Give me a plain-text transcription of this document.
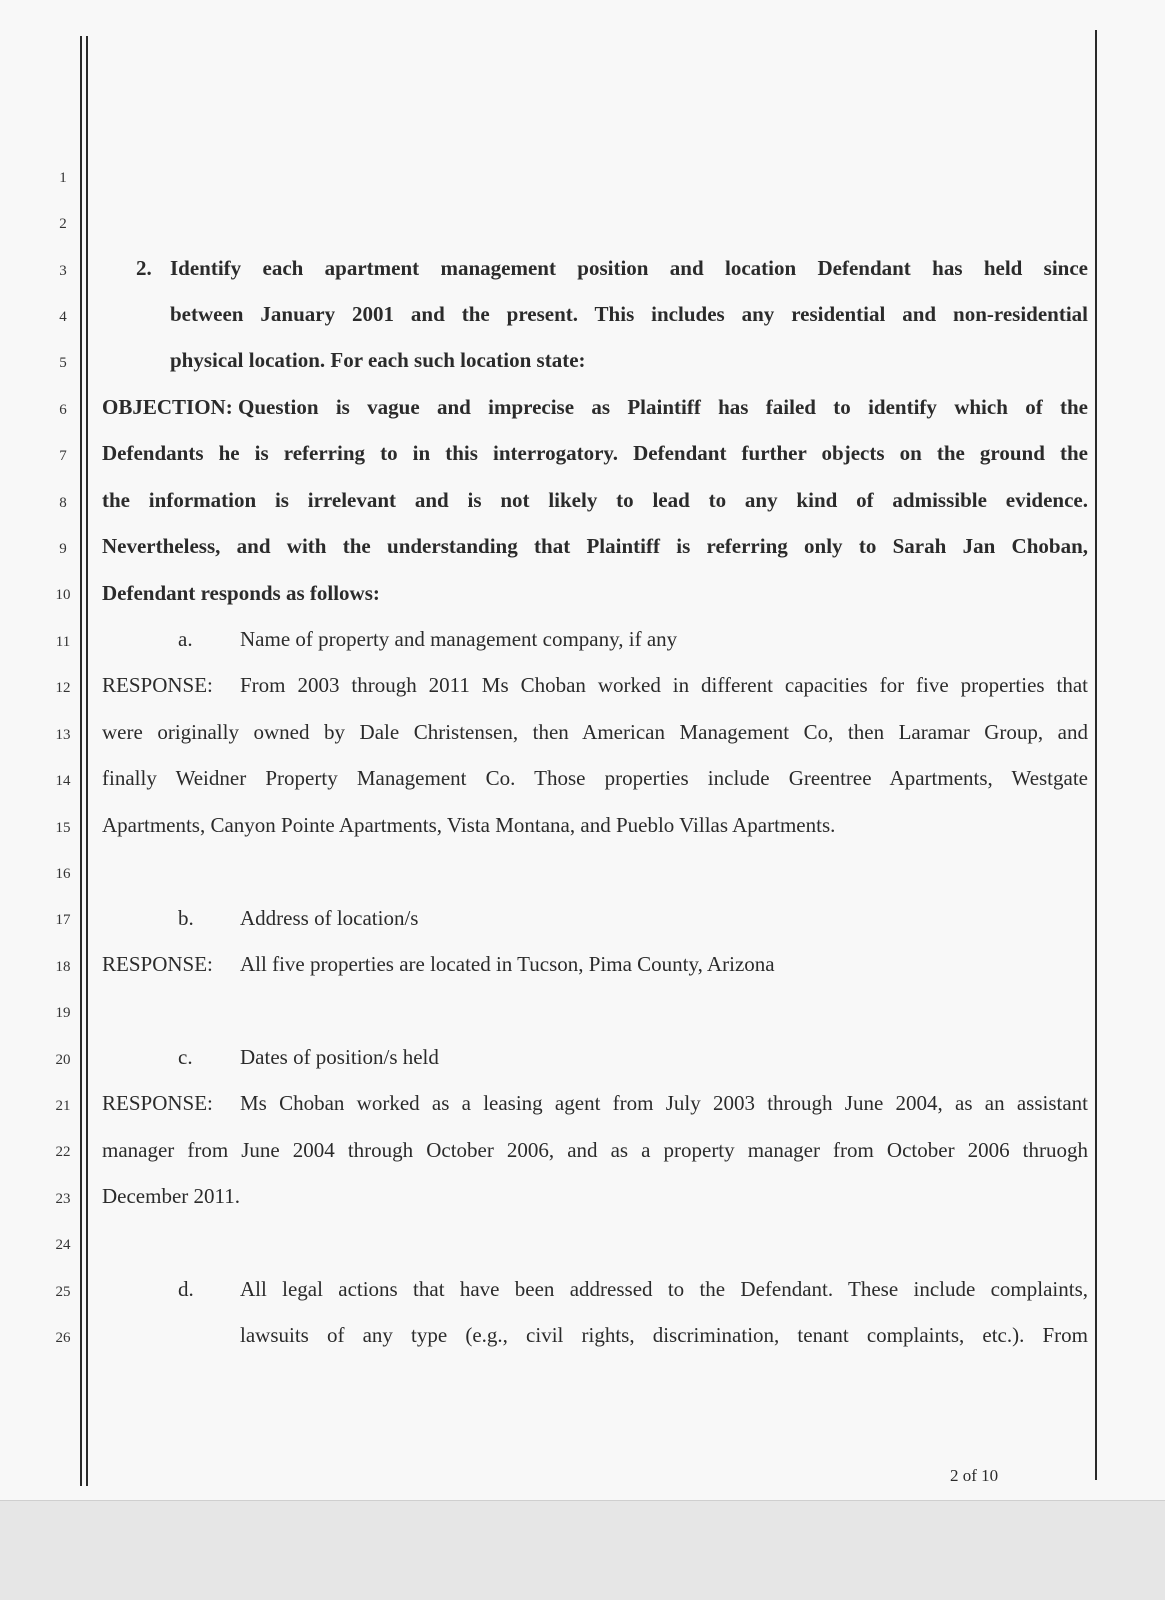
1
2
3
4
5
6
7
8
9
10
11
12
13
14
15
16
17
18
19
20
21
22
23
24
25
26
2. Identify each apartment management position and location Defendant has held since
between January 2001 and the present. This includes any residential and non-residential
physical location. For each such location state:
OBJECTION: Question is vague and imprecise as Plaintiff has failed to identify which of the
Defendants he is referring to in this interrogatory. Defendant further objects on the ground the
the information is irrelevant and is not likely to lead to any kind of admissible evidence.
Nevertheless, and with the understanding that Plaintiff is referring only to Sarah Jan Choban,
Defendant responds as follows:
a. Name of property and management company, if any
RESPONSE: From 2003 through 2011 Ms Choban worked in different capacities for five properties that
were originally owned by Dale Christensen, then American Management Co, then Laramar Group, and
finally Weidner Property Management Co. Those properties include Greentree Apartments, Westgate
Apartments, Canyon Pointe Apartments, Vista Montana, and Pueblo Villas Apartments.
b. Address of location/s
RESPONSE: All five properties are located in Tucson, Pima County, Arizona
c. Dates of position/s held
RESPONSE: Ms Choban worked as a leasing agent from July 2003 through June 2004, as an assistant
manager from June 2004 through October 2006, and as a property manager from October 2006 thruogh
December 2011.
d. All legal actions that have been addressed to the Defendant. These include complaints,
lawsuits of any type (e.g., civil rights, discrimination, tenant complaints, etc.). From
2 of 10
